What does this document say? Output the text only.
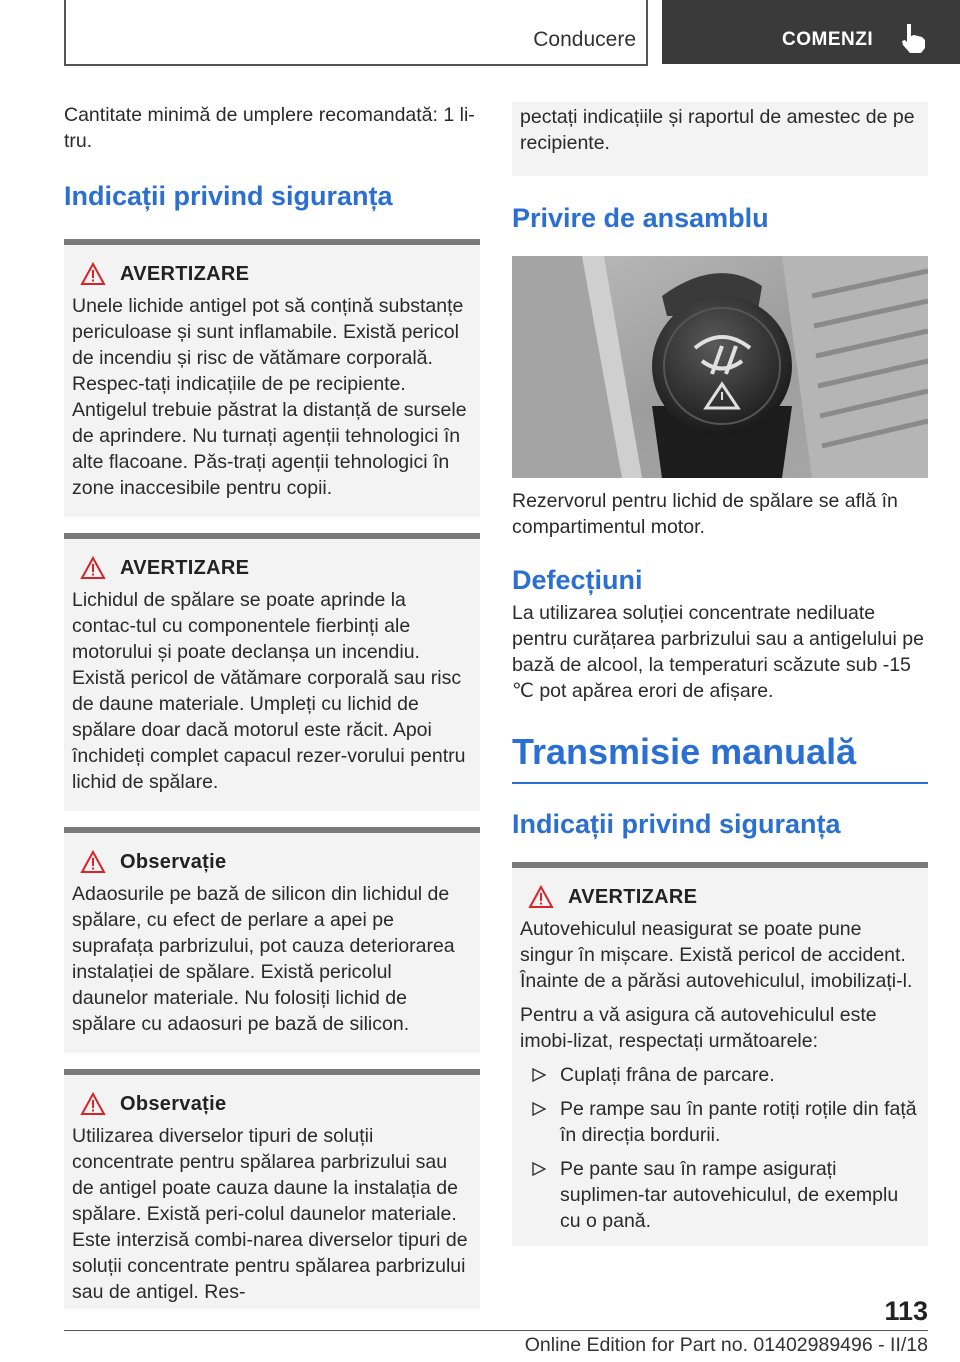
Conducere	COMENZI

Cantitate minimă de umplere recomandată: 1 li-tru.

Indicații privind siguranța
AVERTIZARE

Unele lichide antigel pot să conțină substanțe periculoase și sunt inflamabile. Există pericol de incendiu și risc de vătămare corporală. Respec-tați indicațiile de pe recipiente. Antigelul trebuie păstrat la distanță de sursele de aprindere. Nu turnați agenții tehnologici în alte flacoane. Păs-trați agenții tehnologici în zone inaccesibile pentru copii.

AVERTIZARE

Lichidul de spălare se poate aprinde la contac-tul cu componentele fierbinți ale motorului și poate declanșa un incendiu. Există pericol de vătămare corporală sau risc de daune materiale. Umpleți cu lichid de spălare doar dacă motorul este răcit. Apoi închideți complet capacul rezer-vorului pentru lichid de spălare.

Observație

Adaosurile pe bază de silicon din lichidul de spălare, cu efect de perlare a apei pe suprafața parbrizului, pot cauza deteriorarea instalației de spălare. Există pericolul daunelor materiale. Nu folosiți lichid de spălare cu adaosuri pe bază de silicon.

Observație

Utilizarea diverselor tipuri de soluții concentrate pentru spălarea parbrizului sau de antigel poate cauza daune la instalația de spălare. Există peri-colul daunelor materiale. Este interzisă combi-narea diverselor tipuri de soluții concentrate pentru spălarea parbrizului sau de antigel. Res-

pectați indicațiile și raportul de amestec de pe recipiente.

Privire de ansamblu

Rezervorul pentru lichid de spălare se află în compartimentul motor.

Defecțiuni

La utilizarea soluției concentrate nediluate pentru curățarea parbrizului sau a antigelului pe bază de alcool, la temperaturi scăzute sub -15 ℃ pot apărea erori de afișare.

Transmisie manuală
Indicații privind siguranța
AVERTIZARE

Autovehiculul neasigurat se poate pune singur în mișcare. Există pericol de accident. Înainte de a părăsi autovehiculul, imobilizați-l.

Pentru a vă asigura că autovehiculul este imobi-lizat, respectați următoarele:

Cuplați frâna de parcare.
Pe rampe sau în pante rotiți roțile din față în direcția bordurii.
Pe pante sau în rampe asigurați suplimen-tar autovehiculul, de exemplu cu o pană.
113
Online Edition for Part no. 01402989496 - II/18
